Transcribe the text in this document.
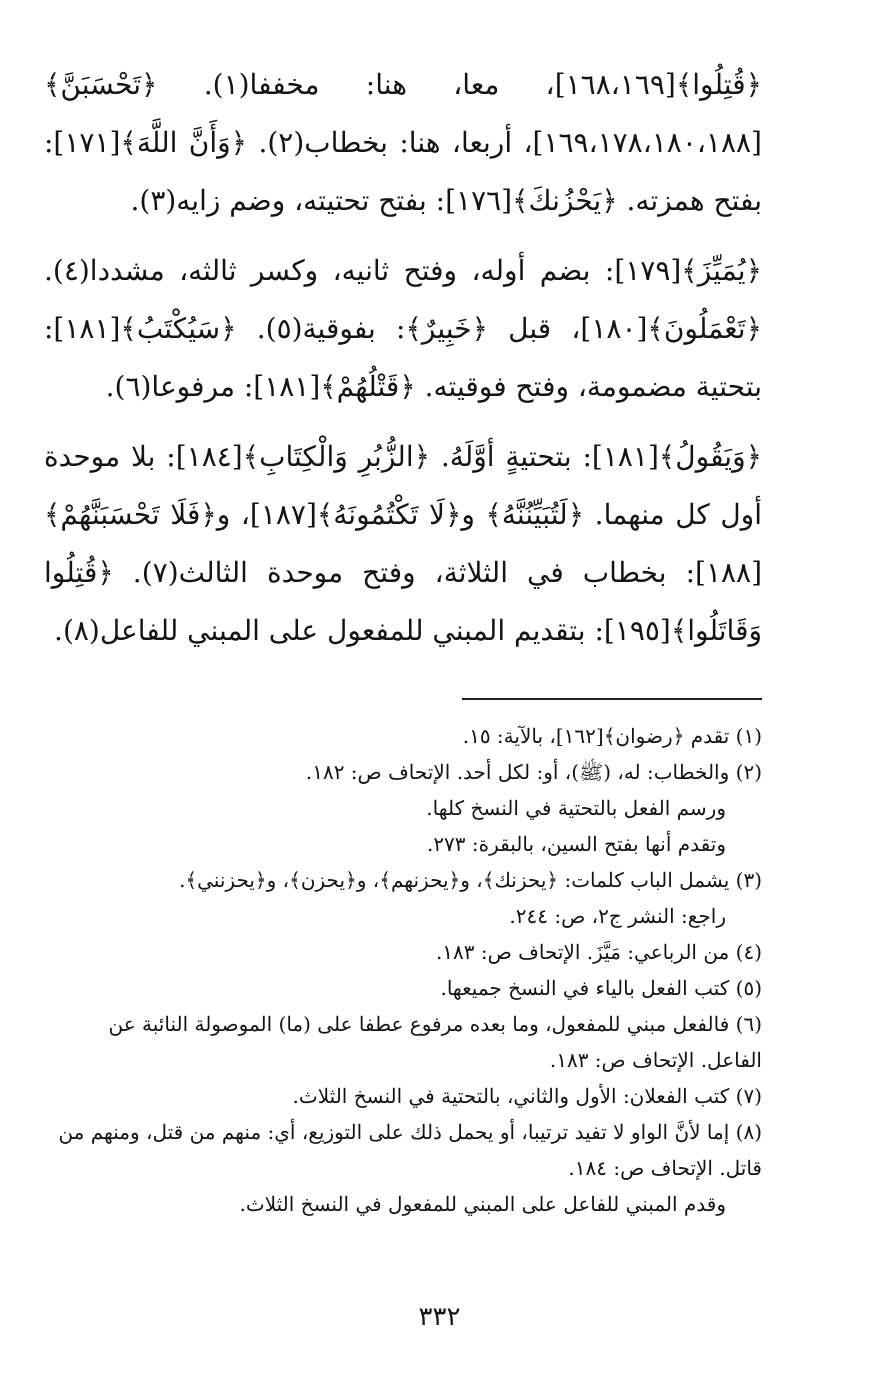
﴿قُتِلُوا﴾[١٦٨،١٦٩]، معا، هنا: مخففا(١). ﴿تَحْسَبَنَّ﴾[١٦٩،١٧٨،١٨٠،١٨٨]، أربعا، هنا: بخطاب(٢). ﴿وَأَنَّ اللَّهَ﴾[١٧١]: بفتح همزته. ﴿يَحْزُنكَ﴾[١٧٦]: بفتح تحتيته، وضم زايه(٣).

﴿يُمَيِّزَ﴾[١٧٩]: بضم أوله، وفتح ثانيه، وكسر ثالثه، مشددا(٤). ﴿تَعْمَلُونَ﴾[١٨٠]، قبل ﴿خَبِيرٌ﴾: بفوقية(٥). ﴿سَيُكْتَبُ﴾[١٨١]: بتحتية مضمومة، وفتح فوقيته. ﴿قَتْلُهُمْ﴾[١٨١]: مرفوعا(٦).

﴿وَيَقُولُ﴾[١٨١]: بتحتيةٍ أوَّلَهُ. ﴿الزُّبُرِ وَالْكِتَابِ﴾[١٨٤]: بلا موحدة أول كل منهما. ﴿لَتُبَيِّنُنَّهُ﴾ و﴿لَا تَكْتُمُونَهُ﴾[١٨٧]، و﴿فَلَا تَحْسَبَنَّهُمْ﴾[١٨٨]: بخطاب في الثلاثة، وفتح موحدة الثالث(٧). ﴿قُتِلُوا وَقَاتَلُوا﴾[١٩٥]: بتقديم المبني للمفعول على المبني للفاعل(٨).

(١) تقدم ﴿رضوان﴾[١٦٢]، بالآية: ١٥.

(٢) والخطاب: له، (ﷺ)، أو: لكل أحد. الإتحاف ص: ١٨٢.

ورسم الفعل بالتحتية في النسخ كلها.

وتقدم أنها بفتح السين، بالبقرة: ٢٧٣.

(٣) يشمل الباب كلمات: ﴿يحزنك﴾، و﴿يحزنهم﴾، و﴿يحزن﴾، و﴿يحزنني﴾.

راجع: النشر ج٢، ص: ٢٤٤.

(٤) من الرباعي: مَيَّزَ. الإتحاف ص: ١٨٣.

(٥) كتب الفعل بالياء في النسخ جميعها.

(٦) فالفعل مبني للمفعول، وما بعده مرفوع عطفا على (ما) الموصولة النائبة عن الفاعل. الإتحاف ص: ١٨٣.

(٧) كتب الفعلان: الأول والثاني، بالتحتية في النسخ الثلاث.

(٨) إما لأنَّ الواو لا تفيد ترتيبا، أو يحمل ذلك على التوزيع، أي: منهم من قتل، ومنهم من قاتل. الإتحاف ص: ١٨٤.

وقدم المبني للفاعل على المبني للمفعول في النسخ الثلاث.

٣٣٢
